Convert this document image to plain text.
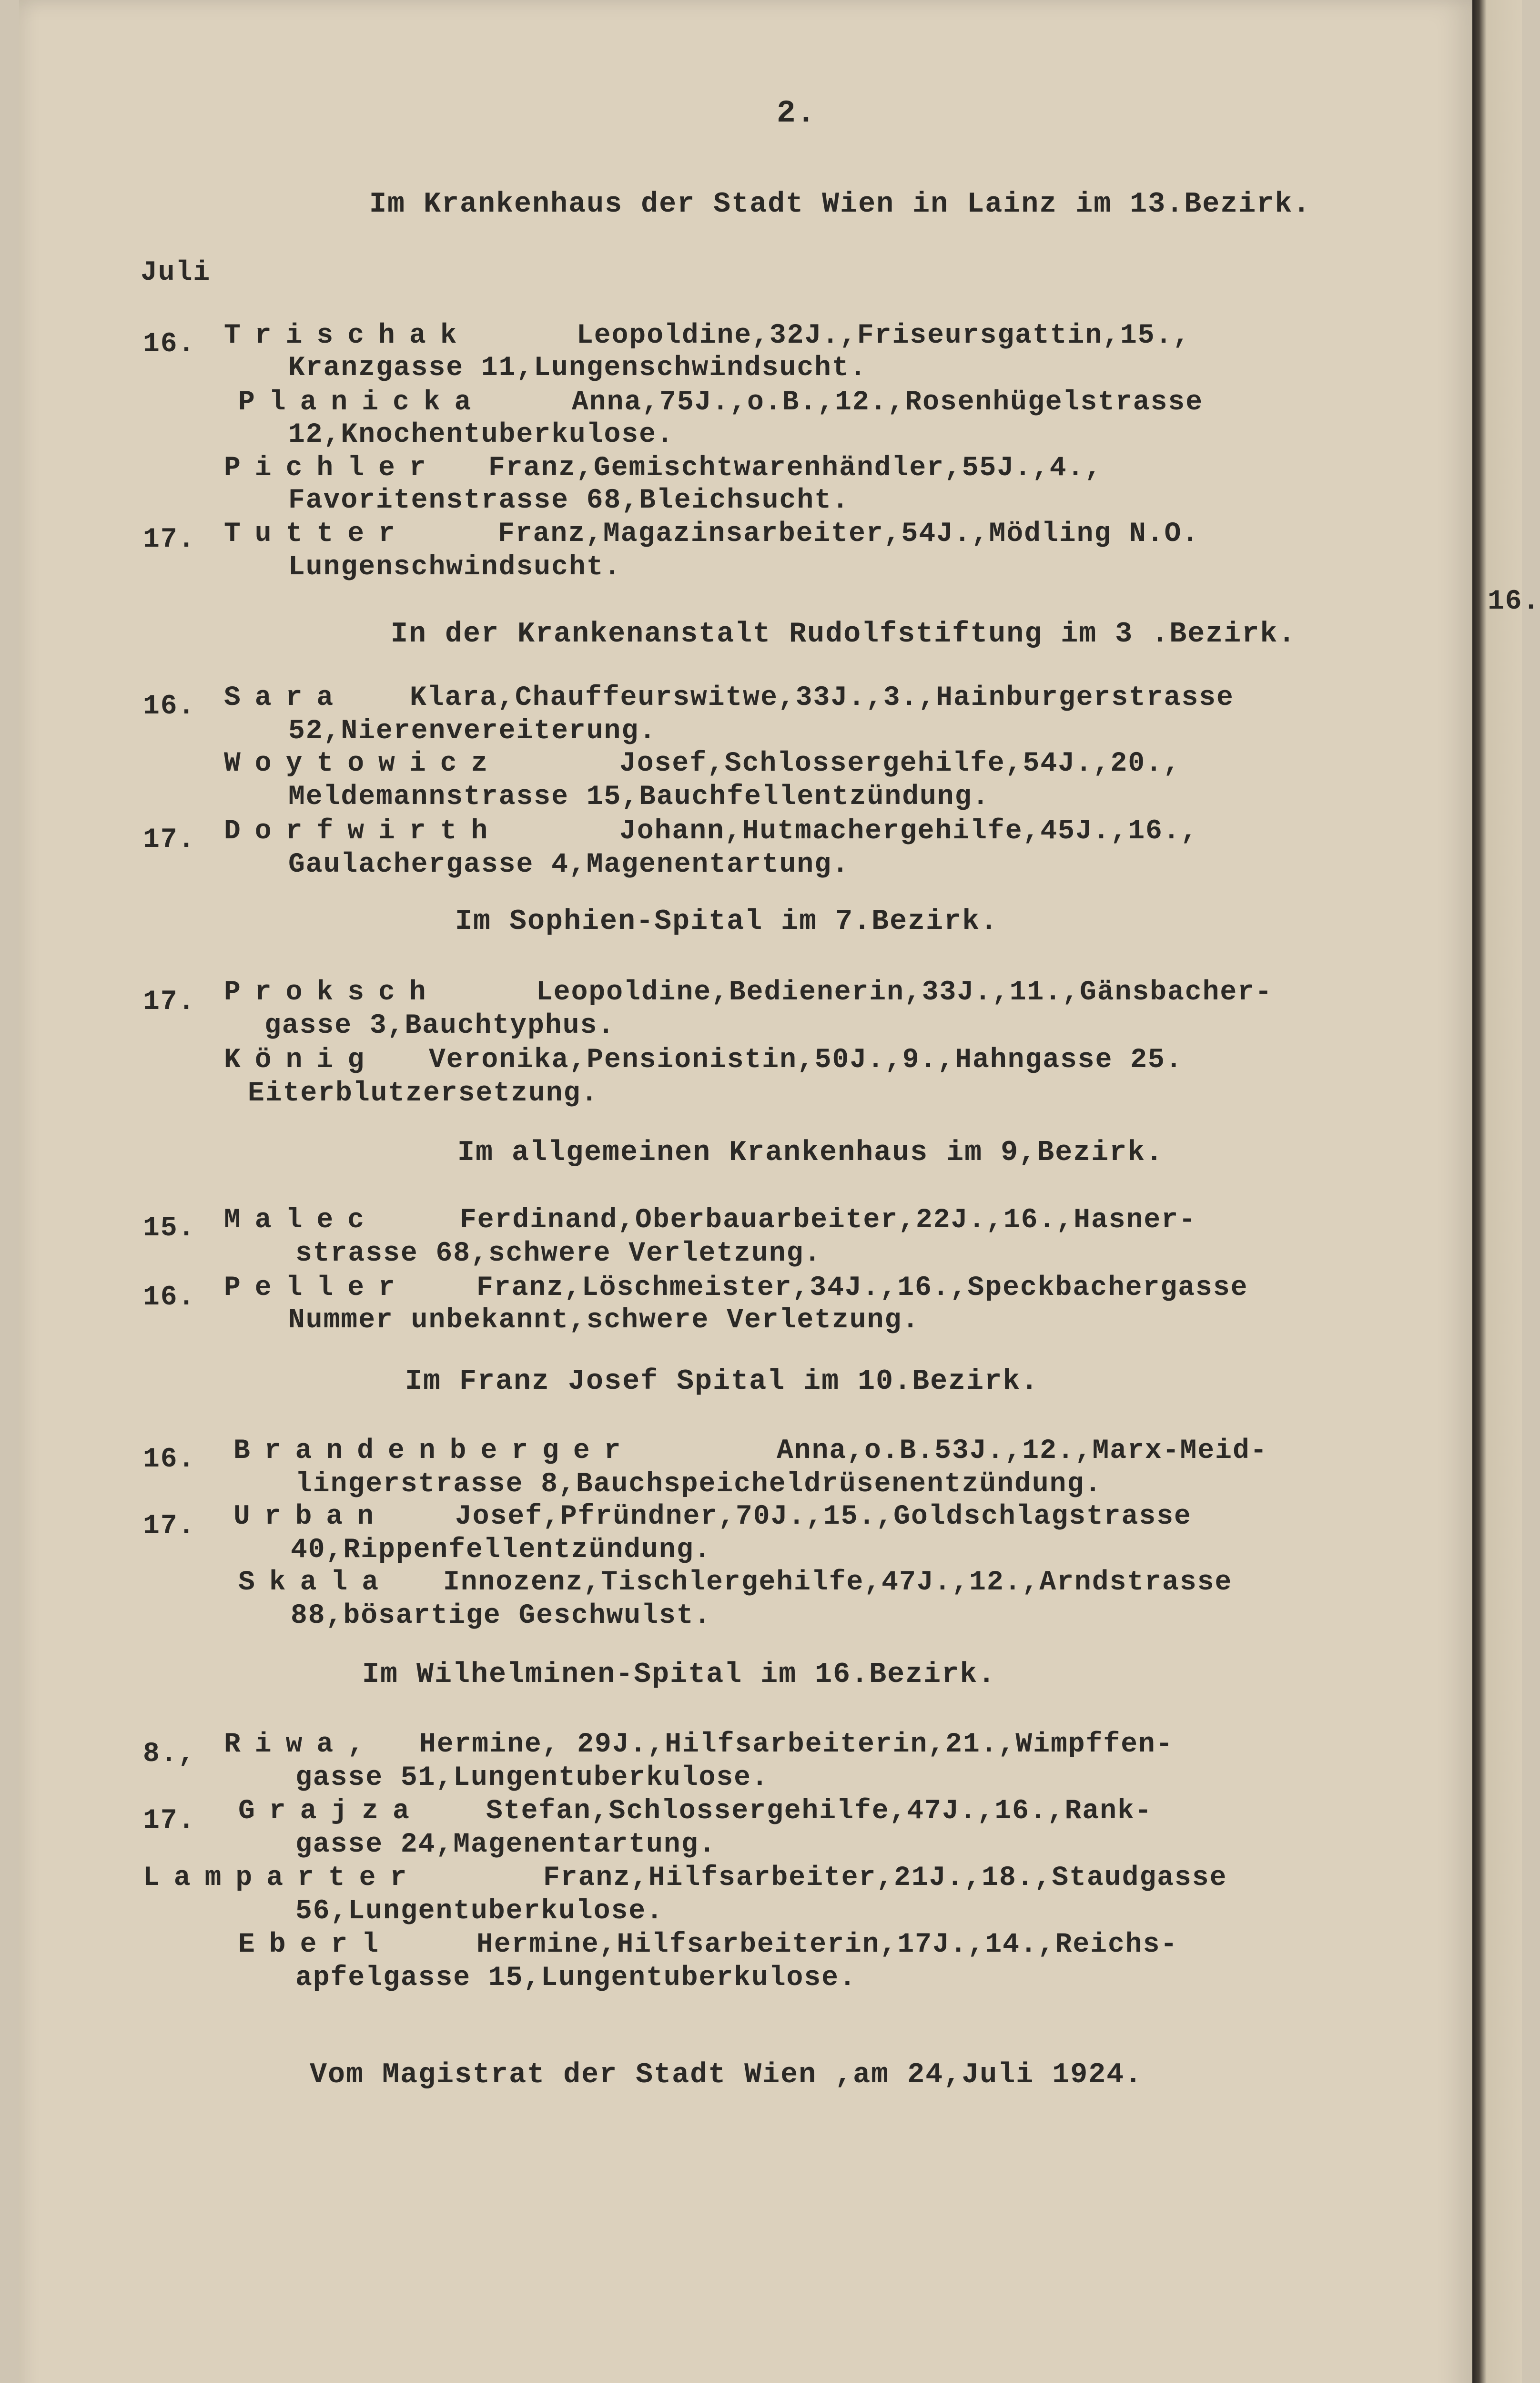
16.
2.
Juli
Im Krankenhaus der Stadt Wien in Lainz im 13.Bezirk.
16.	Trischak	Leopoldine,32J.,Friseursgattin,15.,
Kranzgasse 11,Lungenschwindsucht.
Planicka	Anna,75J.,o.B.,12.,Rosenhügelstrasse
12,Knochentuberkulose.
Pichler Franz,Gemischtwarenhändler,55J.,4.,
Favoritenstrasse 68,Bleichsucht.
17.	Tutter	Franz,Magazinsarbeiter,54J.,Mödling N.O.
Lungenschwindsucht.
In der Krankenanstalt Rudolfstiftung im 3 .Bezirk.
16.	Sara Klara,Chauffeurswitwe,33J.,3.,Hainburgerstrasse
52,Nierenvereiterung.
Woytowicz	Josef,Schlossergehilfe,54J.,20.,
Meldemannstrasse 15,Bauchfellentzündung.
17.	Dorfwirth	Johann,Hutmachergehilfe,45J.,16.,
Gaulachergasse 4,Magenentartung.
Im Sophien-Spital im 7.Bezirk.
17.	Proksch	Leopoldine,Bedienerin,33J.,11.,Gänsbacher-
gasse 3,Bauchtyphus.
König Veronika,Pensionistin,50J.,9.,Hahngasse 25.
Eiterblutzersetzung.
Im allgemeinen Krankenhaus im 9,Bezirk.
15.	Malec	Ferdinand,Oberbauarbeiter,22J.,16.,Hasner-
strasse 68,schwere Verletzung.
16.	Peller Franz,Löschmeister,34J.,16.,Speckbachergasse
Nummer unbekannt,schwere Verletzung.
Im Franz Josef Spital im 10.Bezirk.
16.	Brandenberger	Anna,o.B.53J.,12.,Marx-Meid-
lingerstrasse 8,Bauchspeicheldrüsenentzündung.
17.	Urban Josef,Pfründner,70J.,15.,Goldschlagstrasse
40,Rippenfellentzündung.
Skala Innozenz,Tischlergehilfe,47J.,12.,Arndstrasse
88,bösartige Geschwulst.
Im Wilhelminen-Spital im 16.Bezirk.
8.,	Riwa, Hermine, 29J.,Hilfsarbeiterin,21.,Wimpffen-
gasse 51,Lungentuberkulose.
17.	Grajza Stefan,Schlossergehilfe,47J.,16.,Rank-
gasse 24,Magenentartung.
Lamparter	Franz,Hilfsarbeiter,21J.,18.,Staudgasse
56,Lungentuberkulose.
Eberl	Hermine,Hilfsarbeiterin,17J.,14.,Reichs-
apfelgasse 15,Lungentuberkulose.
Vom Magistrat der Stadt Wien ,am 24,Juli 1924.
